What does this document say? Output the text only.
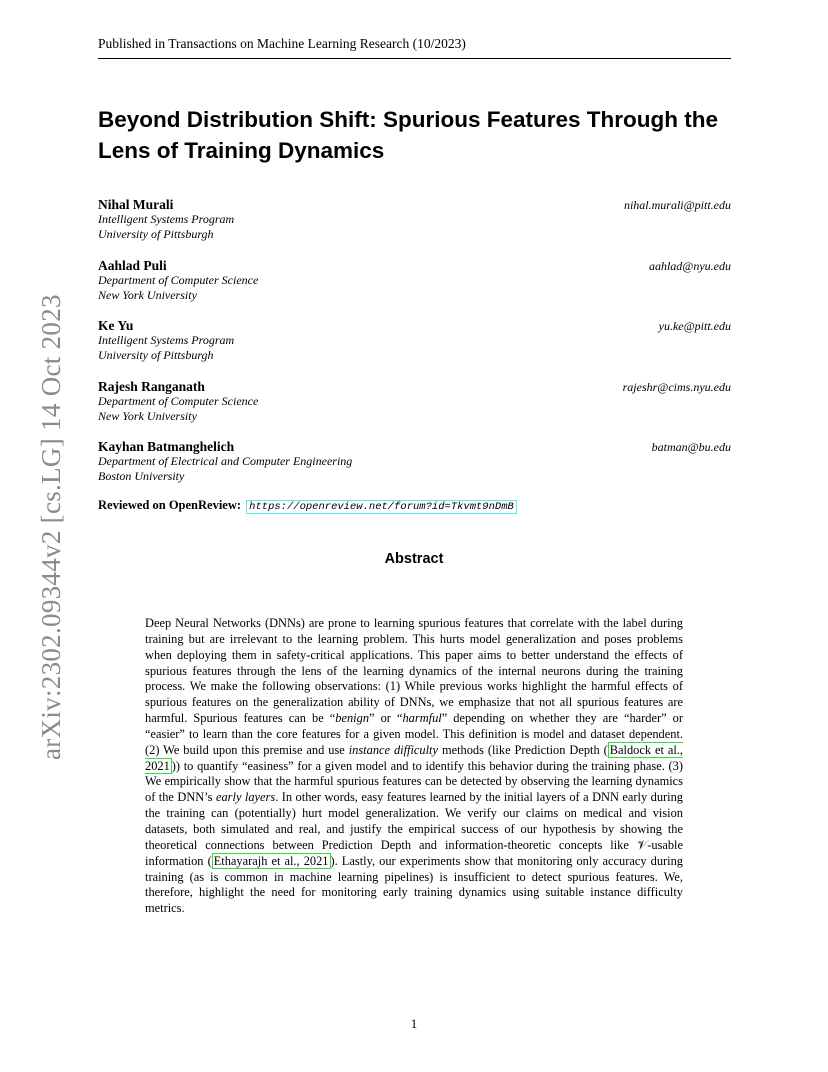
Published in Transactions on Machine Learning Research (10/2023)
arXiv:2302.09344v2 [cs.LG] 14 Oct 2023
Beyond Distribution Shift: Spurious Features Through the Lens of Training Dynamics
Nihal Murali
Intelligent Systems Program
University of Pittsburgh
nihal.murali@pitt.edu
Aahlad Puli
Department of Computer Science
New York University
aahlad@nyu.edu
Ke Yu
Intelligent Systems Program
University of Pittsburgh
yu.ke@pitt.edu
Rajesh Ranganath
Department of Computer Science
New York University
rajeshr@cims.nyu.edu
Kayhan Batmanghelich
Department of Electrical and Computer Engineering
Boston University
batman@bu.edu
Reviewed on OpenReview: https://openreview.net/forum?id=Tkvmt9nDmB
Abstract

Deep Neural Networks (DNNs) are prone to learning spurious features that correlate with the label during training but are irrelevant to the learning problem. This hurts model generalization and poses problems when deploying them in safety-critical applications. This paper aims to better understand the effects of spurious features through the lens of the learning dynamics of the internal neurons during the training process. We make the following observations: (1) While previous works highlight the harmful effects of spurious features on the generalization ability of DNNs, we emphasize that not all spurious features are harmful. Spurious features can be “benign” or “harmful” depending on whether they are “harder” or “easier” to learn than the core features for a given model. This definition is model and dataset dependent. (2) We build upon this premise and use instance difficulty methods (like Prediction Depth ( Baldock et al., 2021 )) to quantify “easiness” for a given model and to identify this behavior during the training phase. (3) We empirically show that the harmful spurious features can be detected by observing the learning dynamics of the DNN’s early layers. In other words, easy features learned by the initial layers of a DNN early during the training can (potentially) hurt model generalization. We verify our claims on medical and vision datasets, both simulated and real, and justify the empirical success of our hypothesis by showing the theoretical connections between Prediction Depth and information-theoretic concepts like 𝒱-usable information ( Ethayarajh et al., 2021 ). Lastly, our experiments show that monitoring only accuracy during training (as is common in machine learning pipelines) is insufficient to detect spurious features. We, therefore, highlight the need for monitoring early training dynamics using suitable instance difficulty metrics.

1
